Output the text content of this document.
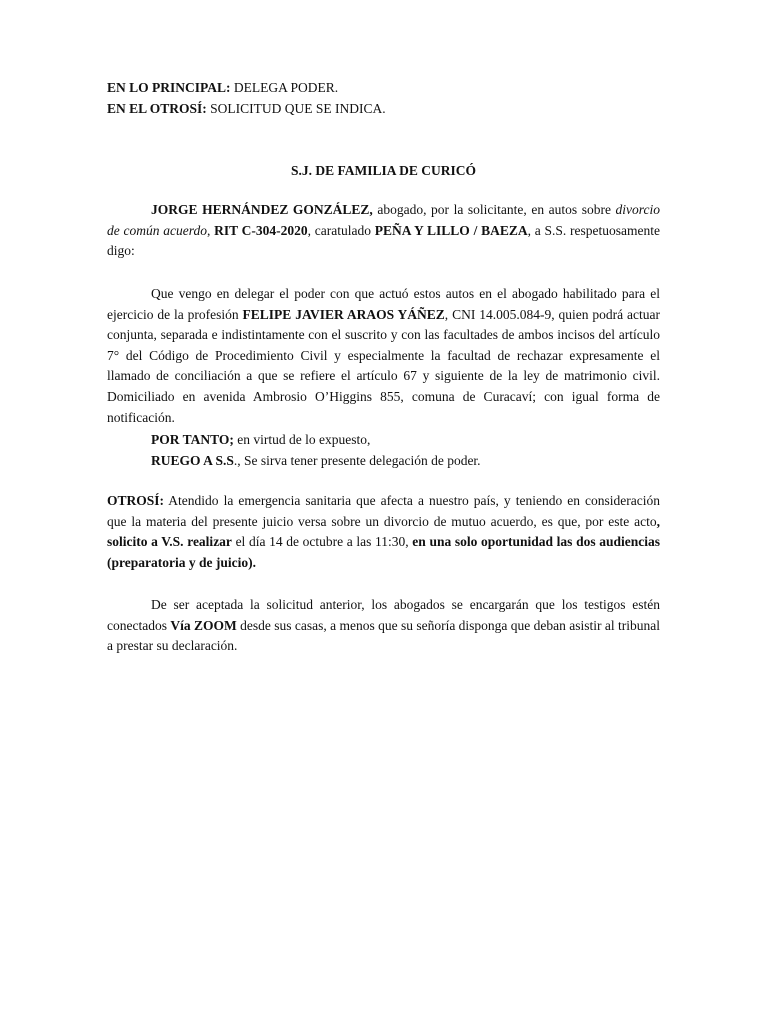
EN LO PRINCIPAL: DELEGA PODER.
EN EL OTROSÍ: SOLICITUD QUE SE INDICA.

S.J. DE FAMILIA DE CURICÓ

JORGE HERNÁNDEZ GONZÁLEZ, abogado, por la solicitante, en autos sobre divorcio de común acuerdo, RIT C-304-2020, caratulado PEÑA Y LILLO / BAEZA, a S.S. respetuosamente digo:

Que vengo en delegar el poder con que actuó estos autos en el abogado habilitado para el ejercicio de la profesión FELIPE JAVIER ARAOS YÁÑEZ, CNI 14.005.084-9, quien podrá actuar conjunta, separada e indistintamente con el suscrito y con las facultades de ambos incisos del artículo 7° del Código de Procedimiento Civil y especialmente la facultad de rechazar expresamente el llamado de conciliación a que se refiere el artículo 67 y siguiente de la ley de matrimonio civil. Domiciliado en avenida Ambrosio O’Higgins 855, comuna de Curacaví; con igual forma de notificación.

POR TANTO; en virtud de lo expuesto,
RUEGO A S.S., Se sirva tener presente delegación de poder.

OTROSÍ: Atendido la emergencia sanitaria que afecta a nuestro país, y teniendo en consideración que la materia del presente juicio versa sobre un divorcio de mutuo acuerdo, es que, por este acto, solicito a V.S. realizar el día 14 de octubre a las 11:30, en una solo oportunidad las dos audiencias (preparatoria y de juicio).

De ser aceptada la solicitud anterior, los abogados se encargarán que los testigos estén conectados Vía ZOOM desde sus casas, a menos que su señoría disponga que deban asistir al tribunal a prestar su declaración.
